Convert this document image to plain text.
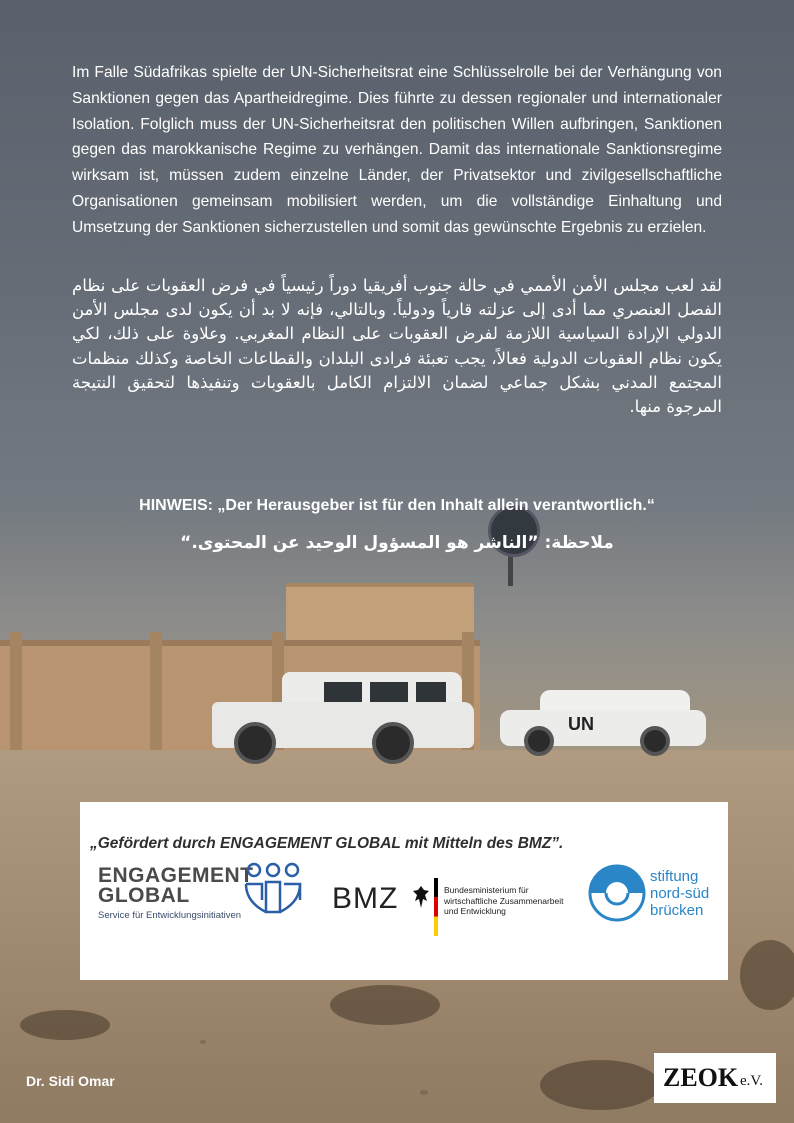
UN
Im Falle Südafrikas spielte der UN-Sicherheitsrat eine Schlüsselrolle bei der Verhängung von Sanktionen gegen das Apartheidregime. Dies führte zu dessen regionaler und internationaler Isolation. Folglich muss der UN-Sicherheitsrat den politischen Willen aufbringen, Sanktionen gegen das marokkanische Regime zu verhängen. Damit das internationale Sanktionsregime wirksam ist, müssen zudem einzelne Länder, der Privatsektor und zivilgesellschaftliche Organisationen gemeinsam mobilisiert werden, um die vollständige Einhaltung und Umsetzung der Sanktionen sicherzustellen und somit das gewünschte Ergebnis zu erzielen.
لقد لعب مجلس الأمن الأممي في حالة جنوب أفريقيا دوراً رئيسياً في فرض العقوبات على نظام الفصل العنصري مما أدى إلى عزلته قارياً ودولياً. وبالتالي، فإنه لا بد أن يكون لدى مجلس الأمن الدولي الإرادة السياسية اللازمة لفرض العقوبات على النظام المغربي. وعلاوة على ذلك، لكي يكون نظام العقوبات الدولية فعالاً، يجب تعبئة فرادى البلدان والقطاعات الخاصة وكذلك منظمات المجتمع المدني بشكل جماعي لضمان الالتزام الكامل بالعقوبات وتنفيذها لتحقيق النتيجة المرجوة منها.
HINWEIS: „Der Herausgeber ist für den Inhalt allein verantwortlich.“
ملاحظة: ”الناشر هو المسؤول الوحيد عن المحتوى.“
„Gefördert durch ENGAGEMENT GLOBAL mit Mitteln des BMZ”.
ENGAGEMENT
GLOBAL
Service für Entwicklungsinitiativen
BMZ	Bundesministerium für wirtschaftliche Zusammenarbeit und Entwicklung
stiftung
nord-süd
brücken
Dr. Sidi Omar	ZEOK e.V.
